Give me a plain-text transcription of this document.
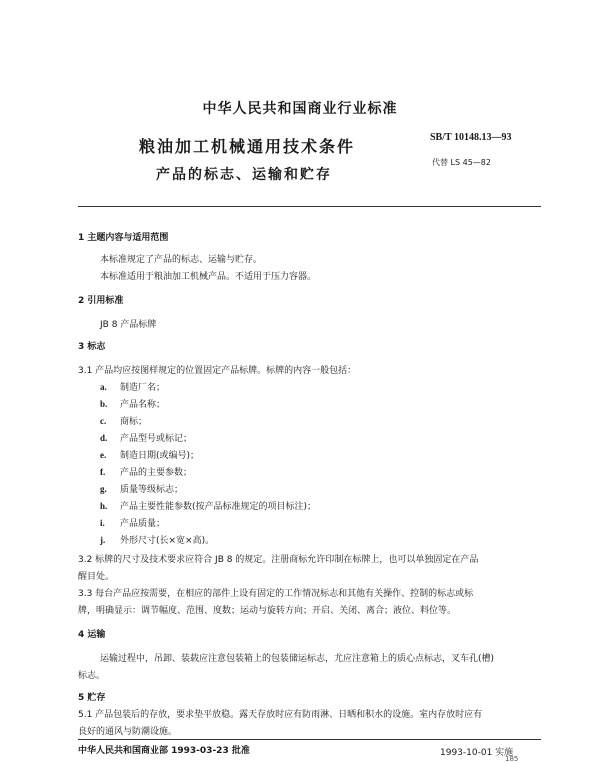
中华人民共和国商业行业标准
粮油加工机械通用技术条件
产品的标志、运输和贮存
SB/T 10148.13—93
代替 LS 45—82
1 主题内容与适用范围
本标准规定了产品的标志、运输与贮存。
本标准适用于粮油加工机械产品。不适用于压力容器。
2 引用标准
JB 8 产品标牌
3 标志
3.1 产品均应按图样规定的位置固定产品标牌。标牌的内容一般包括：
a. 制造厂名；
b. 产品名称；
c. 商标；
d. 产品型号或标记；
e. 制造日期(或编号)；
f. 产品的主要参数；
g. 质量等级标志；
h. 产品主要性能参数(按产品标准规定的项目标注)；
i. 产品质量；
j. 外形尺寸(长×宽×高)。
3.2 标牌的尺寸及技术要求应符合 JB 8 的规定。注册商标允许印制在标牌上，也可以单独固定在产品
醒目处。
3.3 每台产品应按需要，在相应的部件上设有固定的工作情况标志和其他有关操作、控制的标志或标
牌，明确显示：调节幅度、范围、度数；运动与旋转方向；开启、关闭、离合；液位、料位等。
4 运输
运输过程中，吊卸、装载应注意包装箱上的包装储运标志，尤应注意箱上的质心点标志，叉车孔(槽)
标志。
5 贮存
5.1 产品包装后的存放，要求垫平放稳。露天存放时应有防雨淋、日晒和积水的设施。室内存放时应有
良好的通风与防潮设施。
中华人民共和国商业部 1993-03-23 批准	1993-10-01 实施
185
